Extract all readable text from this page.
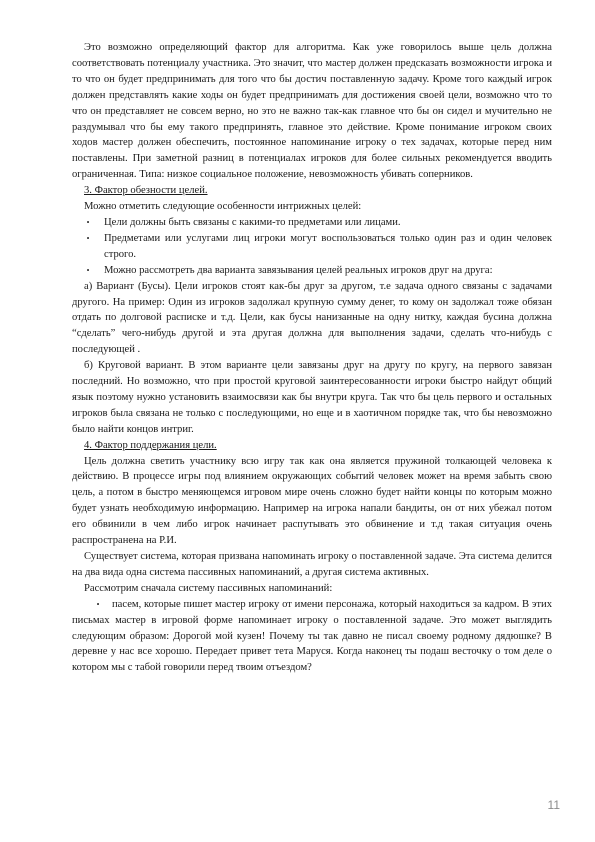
Это возможно определяющий фактор для алгоритма. Как уже говорилось выше цель должна соответствовать потенциалу участника. Это значит, что мастер должен предсказать возможности игрока и то что он будет предпринимать для того что бы достич поставленную задачу. Кроме того каждый игрок должен представлять какие ходы он будет предпринимать для достижения своей цели, возможно что то что он представляет не совсем верно, но это не важно так-как главное что бы он сидел и мучительно не раздумывал что бы ему такого предпринять, главное это действие. Кроме понимание игроком своих ходов мастер должен обеспечить, постоянное напоминание игроку о тех задачах, которые перед ним поставлены. При заметной разниц в потенциалах игроков для более сильных рекомендуется вводить ограниченная. Типа: низкое социальное положение, невозможность убивать соперников.

3. Фактор обезности целей.

Можно отметить следующие особенности интрижных целей:

•	Цели должны быть связаны с какими-то предметами или лицами.
•	Предметами или услугами лиц игроки могут воспользоваться только один раз и один человек строго.
•	Можно рассмотреть два варианта завязывания целей реальных игроков друг на друга:

а) Вариант (Бусы). Цели игроков стоят как-бы друг за другом, т.е задача одного связаны с задачами другого. На пример: Один из игроков задолжал крупную сумму денег, то кому он задолжал тоже обязан отдать по долговой расписке и т.д. Цели, как бусы нанизанные на одну нитку, каждая бусина должна “сделать” чего-нибудь другой и эта другая должна для выполнения задачи, сделать что-нибудь с последующей .

б) Круговой вариант. В этом варианте цели завязаны друг на другу по кругу, на первого завязан последний. Но возможно, что при простой круговой заинтересованности игроки быстро найдут общий язык поэтому нужно установить взаимосвязи как бы внутри круга. Так что бы цель первого и остальных игроков была связана не только с последующими, но еще и в хаотичном порядке так, что бы невозможно было найти концов интриг.

4. Фактор поддержания цели.

Цель должна светить участнику всю игру так как она является пружиной толкающей человека к действию. В процессе игры под влиянием окружающих событий человек может на время забыть свою цель, а потом в быстро меняющемся игровом мире очень сложно будет найти концы по которым можно будет узнать необходимую информацию. Например на игрока напали бандиты, он от них убежал потом его обвинили в чем либо игрок начинает распутывать это обвинение и т.д такая ситуация очень распространена на Р.И.

Существует система, которая призвана напоминать игроку о поставленной задаче. Эта система делится на два вида одна система пассивных напоминаний, а другая система активных.

Рассмотрим сначала систему пассивных напоминаний:

• пасем, которые пишет мастер игроку от имени персонажа, который находиться за кадром. В этих письмах мастер в игровой форме напоминает игроку о поставленной задаче. Это может выглядить следующим образом: Дорогой мой кузен! Почему ты так давно не писал своему родному дядюшке? В деревне у нас все хорошо. Передает привет тета Маруся. Когда наконец ты подаш весточку о том деле о котором мы с табой говорили перед твоим отъездом?

11
